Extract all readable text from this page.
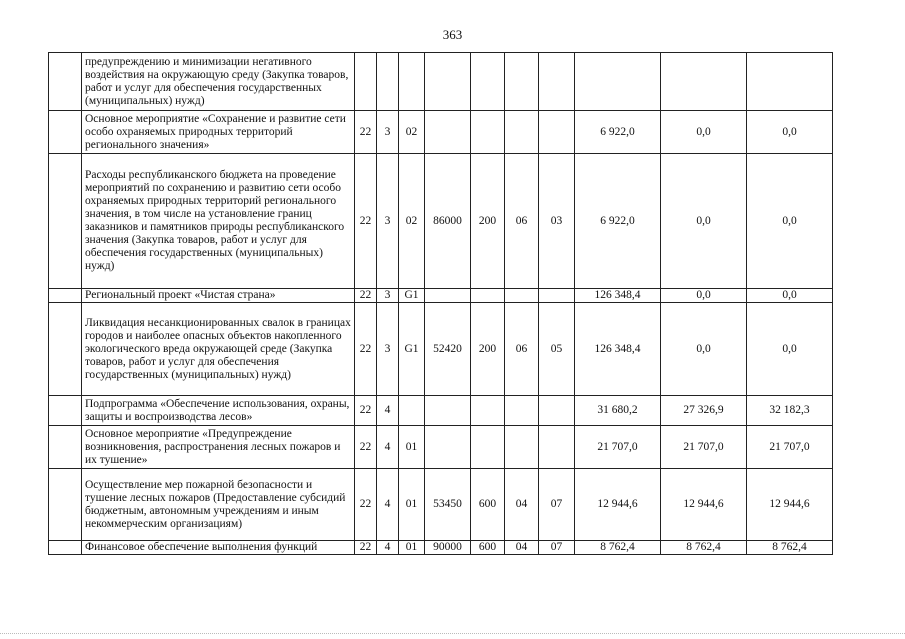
363
	предупреждению и минимизации негативного воздействия на окружающую среду (Закупка товаров, работ и услуг для обеспечения государственных (муниципальных) нужд)										
	Основное мероприятие «Сохранение и развитие сети особо охраняемых природных территорий регионального значения»	22	3	02					6 922,0	0,0	0,0
	Расходы республиканского бюджета на проведение мероприятий по сохранению и развитию сети особо охраняемых природных территорий регионального значения, в том числе на установление границ заказников и памятников природы республиканского значения (Закупка товаров, работ и услуг для обеспечения государственных (муниципальных) нужд)	22	3	02	86000	200	06	03	6 922,0	0,0	0,0
	Региональный проект «Чистая страна»	22	3	G1					126 348,4	0,0	0,0
	Ликвидация несанкционированных свалок в границах городов и наиболее опасных объектов накопленного экологического вреда окружающей среде (Закупка товаров, работ и услуг для обеспечения государственных (муниципальных) нужд)	22	3	G1	52420	200	06	05	126 348,4	0,0	0,0
	Подпрограмма «Обеспечение использования, охраны, защиты и воспроизводства лесов»	22	4						31 680,2	27 326,9	32 182,3
	Основное мероприятие «Предупреждение возникновения, распространения лесных пожаров и их тушение»	22	4	01					21 707,0	21 707,0	21 707,0
	Осуществление мер пожарной безопасности и тушение лесных пожаров (Предоставление субсидий бюджетным, автономным учреждениям и иным некоммерческим организациям)	22	4	01	53450	600	04	07	12 944,6	12 944,6	12 944,6
	Финансовое обеспечение выполнения функций	22	4	01	90000	600	04	07	8 762,4	8 762,4	8 762,4
